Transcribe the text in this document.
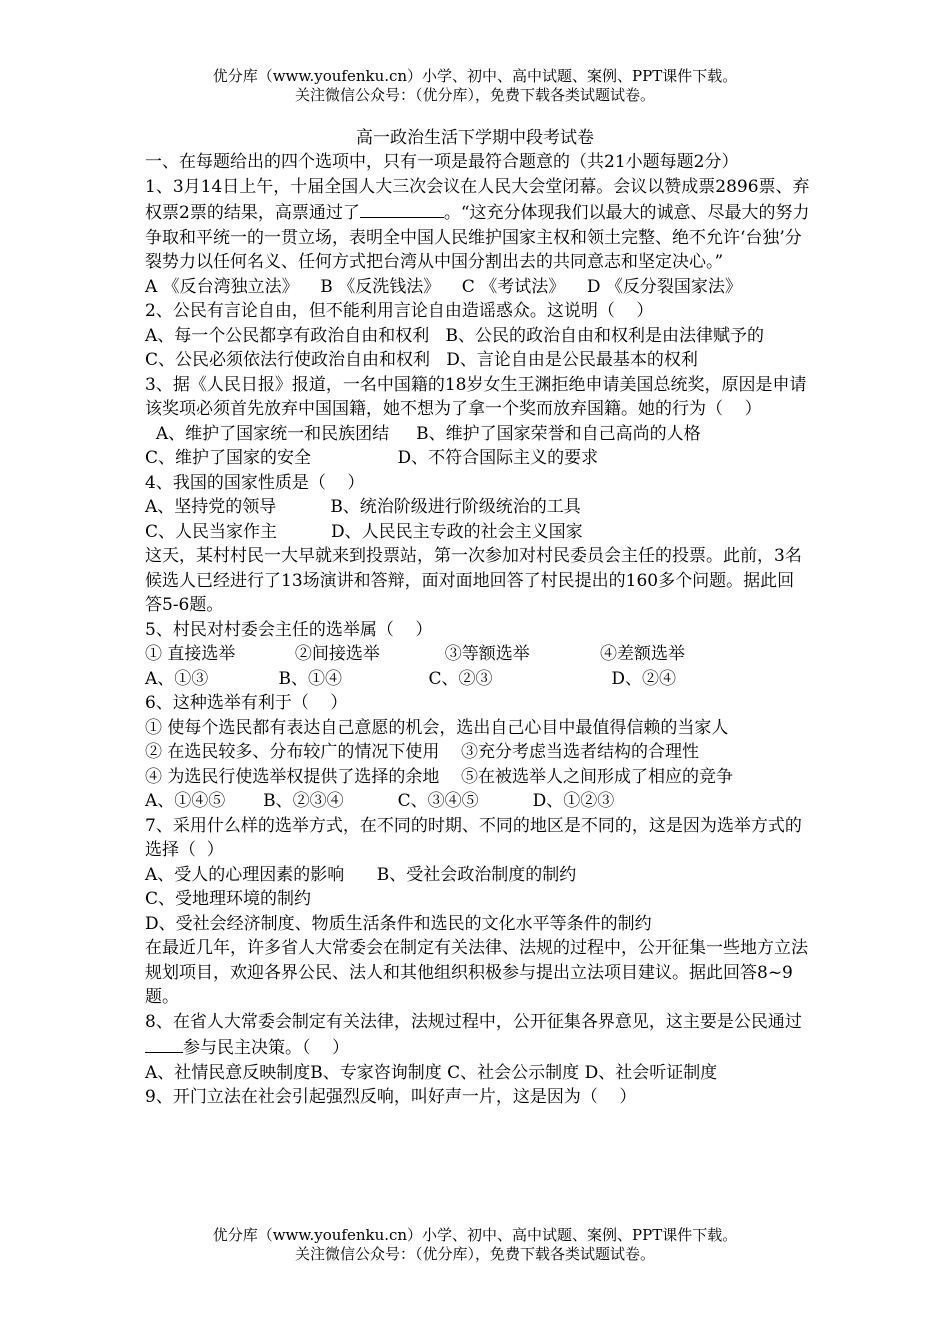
优分库（www.youfenku.cn）小学、初中、高中试题、案例、PPT课件下载。
关注微信公众号：（优分库），免费下载各类试题试卷。
高一政治生活下学期中段考试卷

一、在每题给出的四个选项中，只有一项是最符合题意的（共21小题每题2分）

1、3月14日上午，十届全国人大三次会议在人民大会堂闭幕。会议以赞成票2896票、弃权票2票的结果，高票通过了	。“这充分体现我们以最大的诚意、尽最大的努力争取和平统一的一贯立场，表明全中国人民维护国家主权和领土完整、绝不允许‘台独’分裂势力以任何名义、任何方式把台湾从中国分割出去的共同意志和坚定决心。”

A 《反台湾独立法》    B 《反洗钱法》    C 《考试法》    D 《反分裂国家法》

2、公民有言论自由，但不能利用言论自由造谣惑众。这说明（    ）

A、每一个公民都享有政治自由和权利   B、公民的政治自由和权利是由法律赋予的

C、公民必须依法行使政治自由和权利   D、言论自由是公民最基本的权利

3、据《人民日报》报道，一名中国籍的18岁女生王渊拒绝申请美国总统奖，原因是申请该奖项必须首先放弃中国国籍，她不想为了拿一个奖而放弃国籍。她的行为（    ）

A、维护了国家统一和民族团结     B、维护了国家荣誉和自己高尚的人格

C、维护了国家的安全                D、不符合国际主义的要求

4、我国的国家性质是（    ）

A、坚持党的领导          B、统治阶级进行阶级统治的工具

C、人民当家作主          D、人民民主专政的社会主义国家

这天，某村村民一大早就来到投票站，第一次参加对村民委员会主任的投票。此前，3名候选人已经进行了13场演讲和答辩，面对面地回答了村民提出的160多个问题。据此回答5-6题。

5、村民对村委会主任的选举属（    ）

① 直接选举           ②间接选举            ③等额选举             ④差额选举

A、①③             B、①④                C、②③                      D、②④

6、这种选举有利于（    ）

① 使每个选民都有表达自己意愿的机会，选出自己心目中最值得信赖的当家人

② 在选民较多、分布较广的情况下使用    ③充分考虑当选者结构的合理性

④ 为选民行使选举权提供了选择的余地    ⑤在被选举人之间形成了相应的竞争

A、①④⑤       B、②③④          C、③④⑤          D、①②③

7、采用什么样的选举方式，在不同的时期、不同的地区是不同的，这是因为选举方式的选择（  ）

A、受人的心理因素的影响      B、受社会政治制度的制约

C、受地理环境的制约

D、受社会经济制度、物质生活条件和选民的文化水平等条件的制约

在最近几年，许多省人大常委会在制定有关法律、法规的过程中，公开征集一些地方立法规划项目，欢迎各界公民、法人和其他组织积极参与提出立法项目建议。据此回答8~9题。

8、在省人大常委会制定有关法律，法规过程中，公开征集各界意见，这主要是公民通过参与民主决策。（    ）

A、社情民意反映制度B、专家咨询制度 C、社会公示制度 D、社会听证制度

9、开门立法在社会引起强烈反响，叫好声一片，这是因为（    ）

优分库（www.youfenku.cn）小学、初中、高中试题、案例、PPT课件下载。
关注微信公众号：（优分库），免费下载各类试题试卷。
